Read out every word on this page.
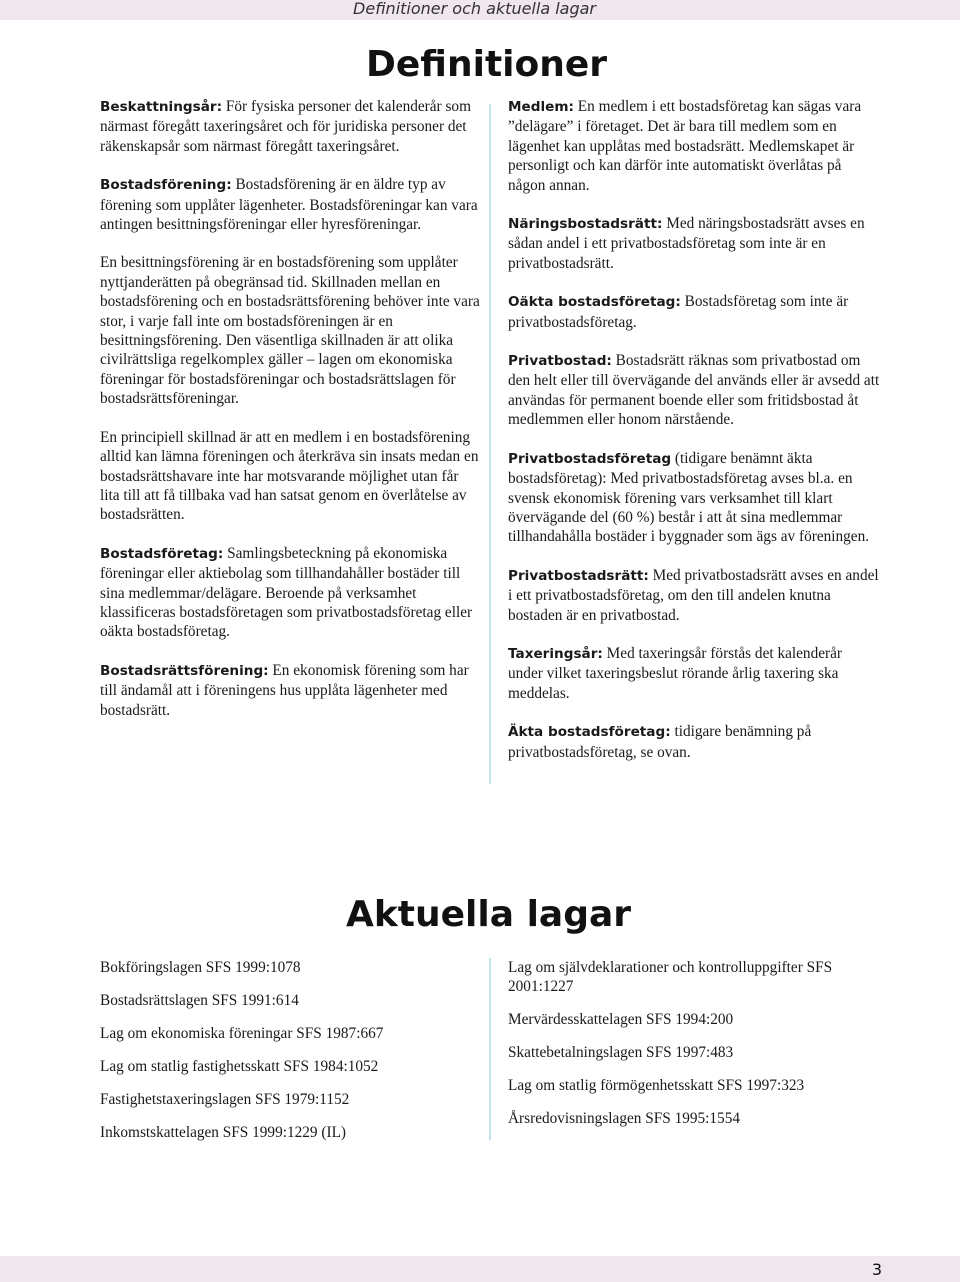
Definitioner och aktuella lagar
Definitioner

Beskattningsår: För fysiska personer det kalenderår som närmast föregått taxeringsåret och för juridiska personer det räkenskapsår som närmast föregått taxeringsåret.

Bostadsförening: Bostadsförening är en äldre typ av förening som upplåter lägenheter. Bostadsföreningar kan vara antingen besittningsföreningar eller hyresföreningar.

En besittningsförening är en bostadsförening som upplåter nyttjanderätten på obegränsad tid. Skillnaden mellan en bostadsförening och en bostadsrättsförening behöver inte vara stor, i varje fall inte om bostadsföreningen är en besittningsförening. Den väsentliga skillnaden är att olika civilrättsliga regelkomplex gäller – lagen om ekonomiska föreningar för bostadsföreningar och bostadsrättslagen för bostadsrättsföreningar.

En principiell skillnad är att en medlem i en bostadsförening alltid kan lämna föreningen och återkräva sin insats medan en bostadsrättshavare inte har motsvarande möjlighet utan får lita till att få tillbaka vad han satsat genom en överlåtelse av bostadsrätten.

Bostadsföretag: Samlingsbeteckning på ekonomiska föreningar eller aktiebolag som tillhandahåller bostäder till sina medlemmar/delägare. Beroende på verksamhet klassificeras bostadsföretagen som privatbostadsföretag eller oäkta bostadsföretag.

Bostadsrättsförening: En ekonomisk förening som har till ändamål att i föreningens hus upplåta lägenheter med bostadsrätt.

Medlem: En medlem i ett bostadsföretag kan sägas vara ”delägare” i företaget. Det är bara till medlem som en lägenhet kan upplåtas med bostadsrätt. Medlemskapet är personligt och kan därför inte automatiskt överlåtas på någon annan.

Näringsbostadsrätt: Med näringsbostadsrätt avses en sådan andel i ett privatbostadsföretag som inte är en privatbostadsrätt.

Oäkta bostadsföretag: Bostadsföretag som inte är privatbostadsföretag.

Privatbostad: Bostadsrätt räknas som privatbostad om den helt eller till övervägande del används eller är avsedd att användas för permanent boende eller som fritidsbostad åt medlemmen eller honom närstående.

Privatbostadsföretag (tidigare benämnt äkta bostadsföretag): Med privatbostadsföretag avses bl.a. en svensk ekonomisk förening vars verksamhet till klart övervägande del (60 %) består i att åt sina medlemmar tillhandahålla bostäder i byggnader som ägs av föreningen.

Privatbostadsrätt: Med privatbostadsrätt avses en andel i ett privatbostadsföretag, om den till andelen knutna bostaden är en privatbostad.

Taxeringsår: Med taxeringsår förstås det kalenderår under vilket taxeringsbeslut rörande årlig taxering ska meddelas.

Äkta bostadsföretag: tidigare benämning på privatbostadsföretag, se ovan.

Aktuella lagar
Bokföringslagen SFS 1999:1078
Bostadsrättslagen SFS 1991:614
Lag om ekonomiska föreningar SFS 1987:667
Lag om statlig fastighetsskatt SFS 1984:1052
Fastighetstaxeringslagen SFS 1979:1152
Inkomstskattelagen SFS 1999:1229 (IL)
Lag om självdeklarationer och kontrolluppgifter SFS 2001:1227
Mervärdesskattelagen SFS 1994:200
Skattebetalningslagen SFS 1997:483
Lag om statlig förmögenhetsskatt SFS 1997:323
Årsredovisningslagen SFS 1995:1554
3
